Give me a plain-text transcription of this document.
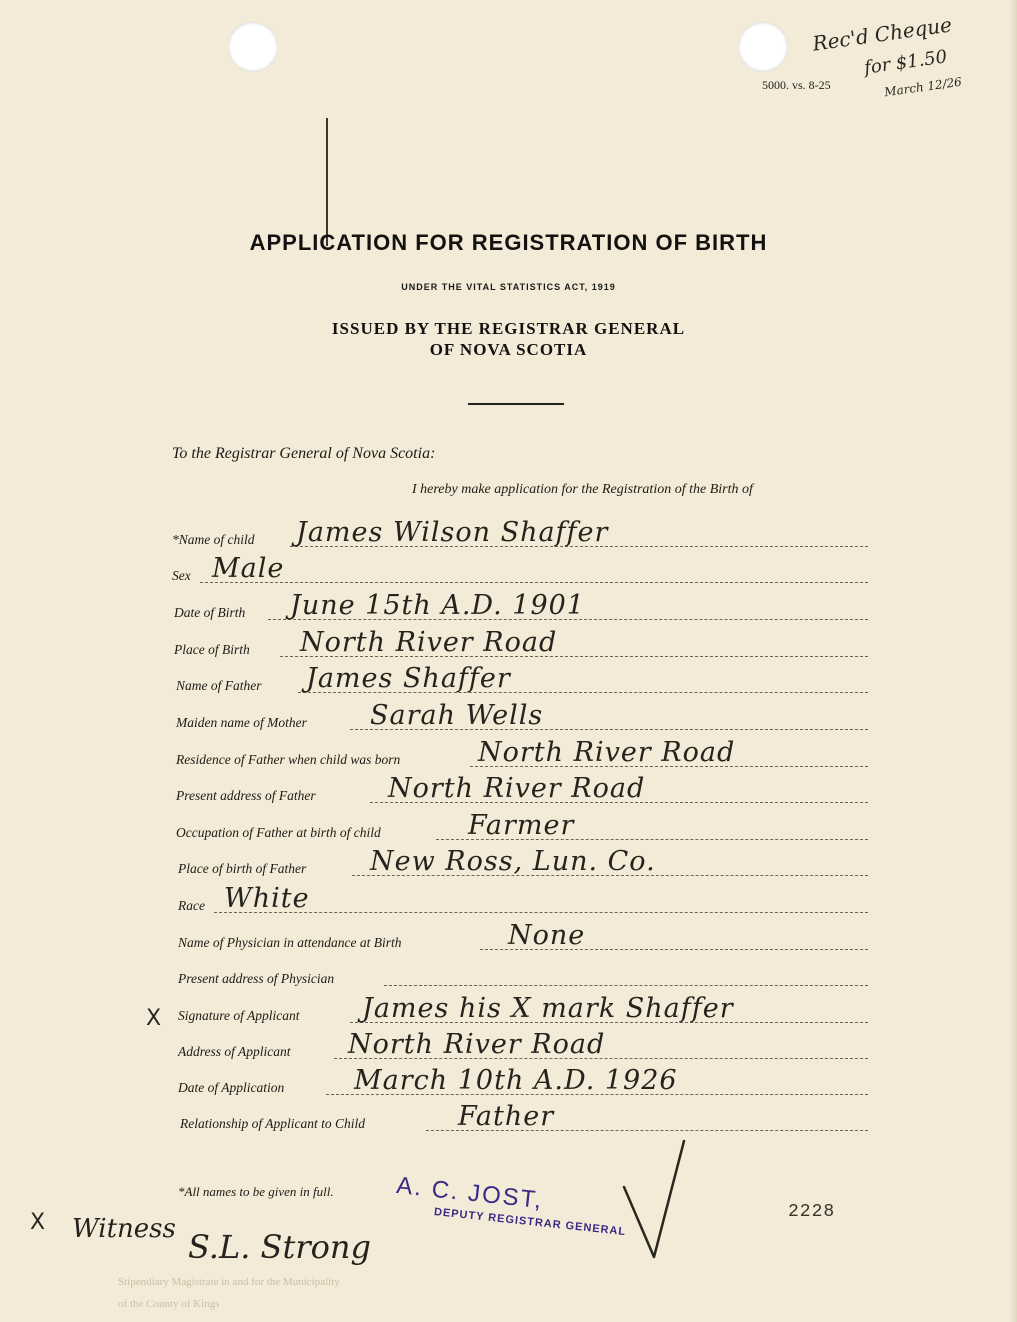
5000. vs. 8-25
Rec'd Cheque
for $1.50
March 12/26
APPLICATION FOR REGISTRATION OF BIRTH
UNDER THE VITAL STATISTICS ACT, 1919
ISSUED BY THE REGISTRAR GENERAL
OF NOVA SCOTIA
To the Registrar General of Nova Scotia:
I hereby make application for the Registration of the Birth of
*Name of child James Wilson Shaffer
Sex Male
Date of Birth June 15th A.D. 1901
Place of Birth North River Road
Name of Father James Shaffer
Maiden name of Mother Sarah Wells
Residence of Father when child was born	North River Road
Present address of Father	North River Road
Occupation of Father at birth of child	Farmer
Place of birth of Father New Ross, Lun. Co.
Race White
Name of Physician in attendance at Birth	None
Present address of Physician
Signature of Applicant James his X mark Shaffer
Address of Applicant North River Road
Date of Application	March 10th A.D. 1926
Relationship of Applicant to Child	Father
X
*All names to be given in full.	A. C. JOST,
DEPUTY REGISTRAR GENERAL	2228
X Witness S.L. Strong
Stipendiary Magistrate in and for the Municipality
of the County of Kings
